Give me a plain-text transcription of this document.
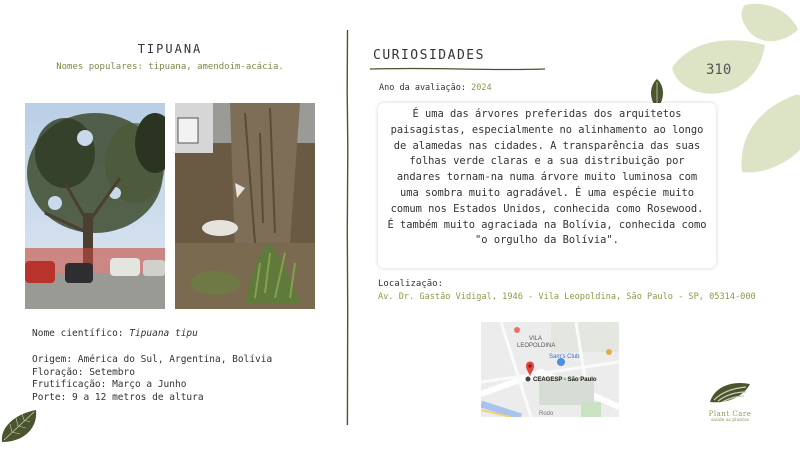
310
TIPUANA
Nomes populares: tipuana, amendoim-acácia.
Nome científico: Tipuana tipu
Origem: América do Sul, Argentina, Bolívia
Floração: Setembro
Frutificação: Março a Junho
Porte: 9 a 12 metros de altura
CURIOSIDADES
Ano da avaliação: 2024
É uma das árvores preferidas dos arquitetos paisagistas, especialmente no alinhamento ao longo de alamedas nas cidades. A transparência das suas folhas verde claras e a sua distribuição por andares tornam-na numa árvore muito luminosa com uma sombra muito agradável. É uma espécie muito comum nos Estados Unidos, conhecida como Rosewood. É também muito agraciada na Bolívia, conhecida como "o orgulho da Bolívia".
Localização:
Av. Dr. Gastão Vidigal, 1946 - Vila Leopoldina, São Paulo - SP, 05314-000
VILA
LEOPOLDINA
Sam's Club
CEAGESP - São Paulo
Rodo	Plant Care
saúde as plantas
